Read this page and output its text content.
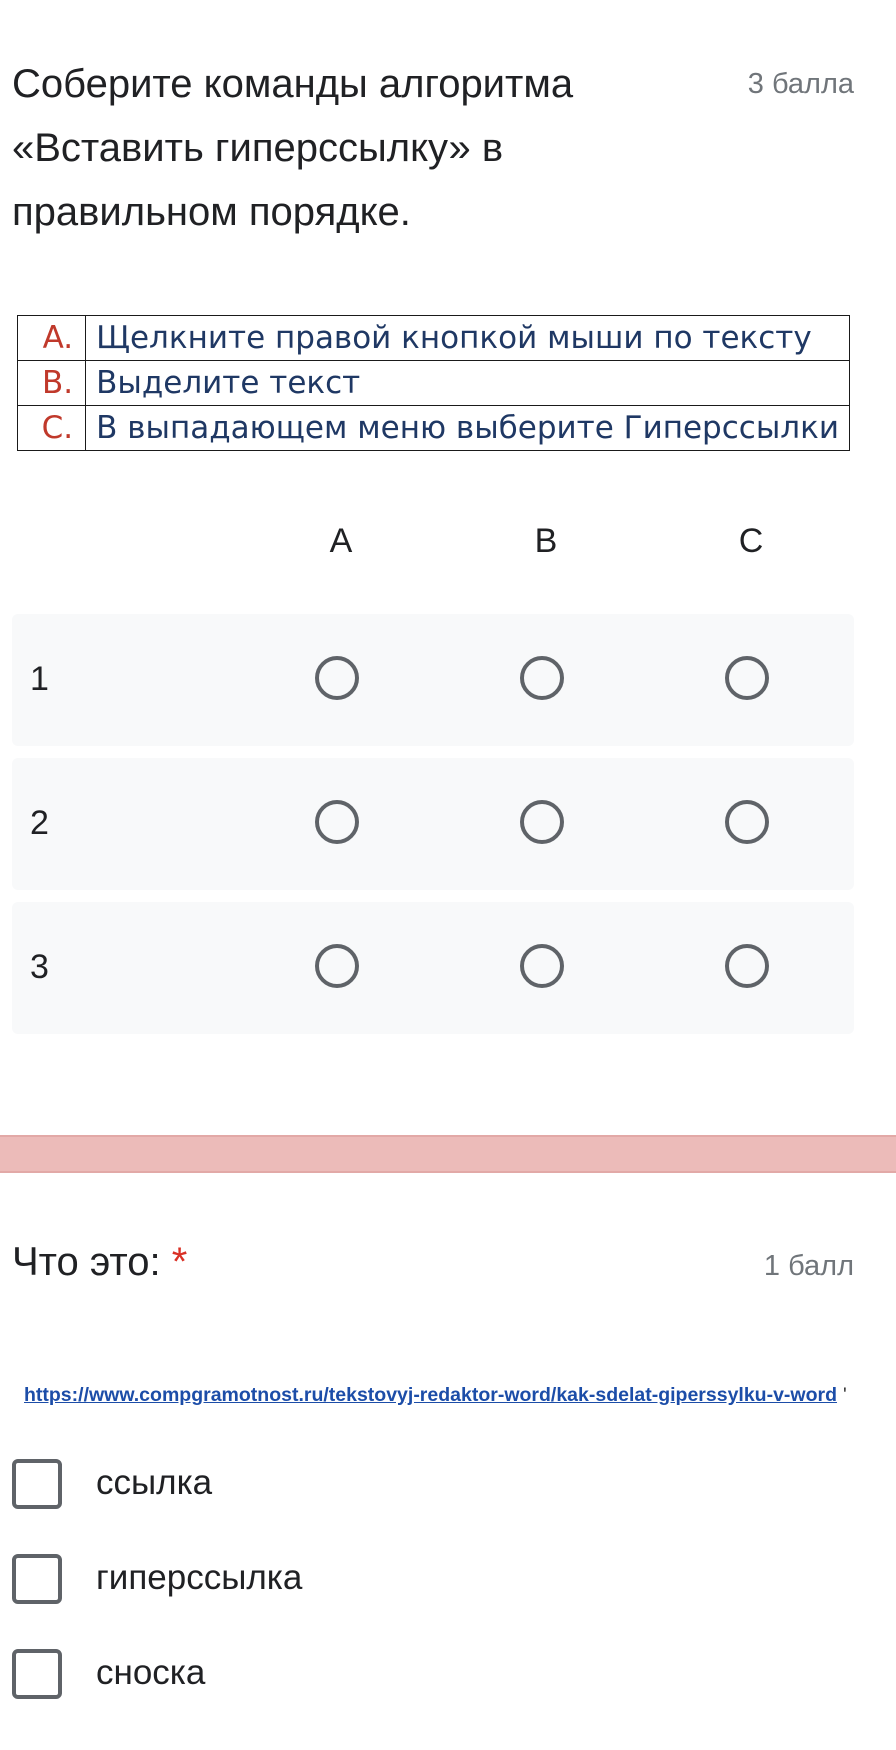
Соберите команды алгоритма «Вставить гиперссылку» в правильном порядке.
3 балла
A.	Щелкните правой кнопкой мыши по тексту
B.	Выделите текст
C.	В выпадающем меню выберите Гиперссылки
A	B	C
1
2
3
Что это: *	1 балл
https://www.compgramotnost.ru/tekstovyj-redaktor-word/kak-sdelat-giperssylku-v-word '
ссылка
гиперссылка
сноска
